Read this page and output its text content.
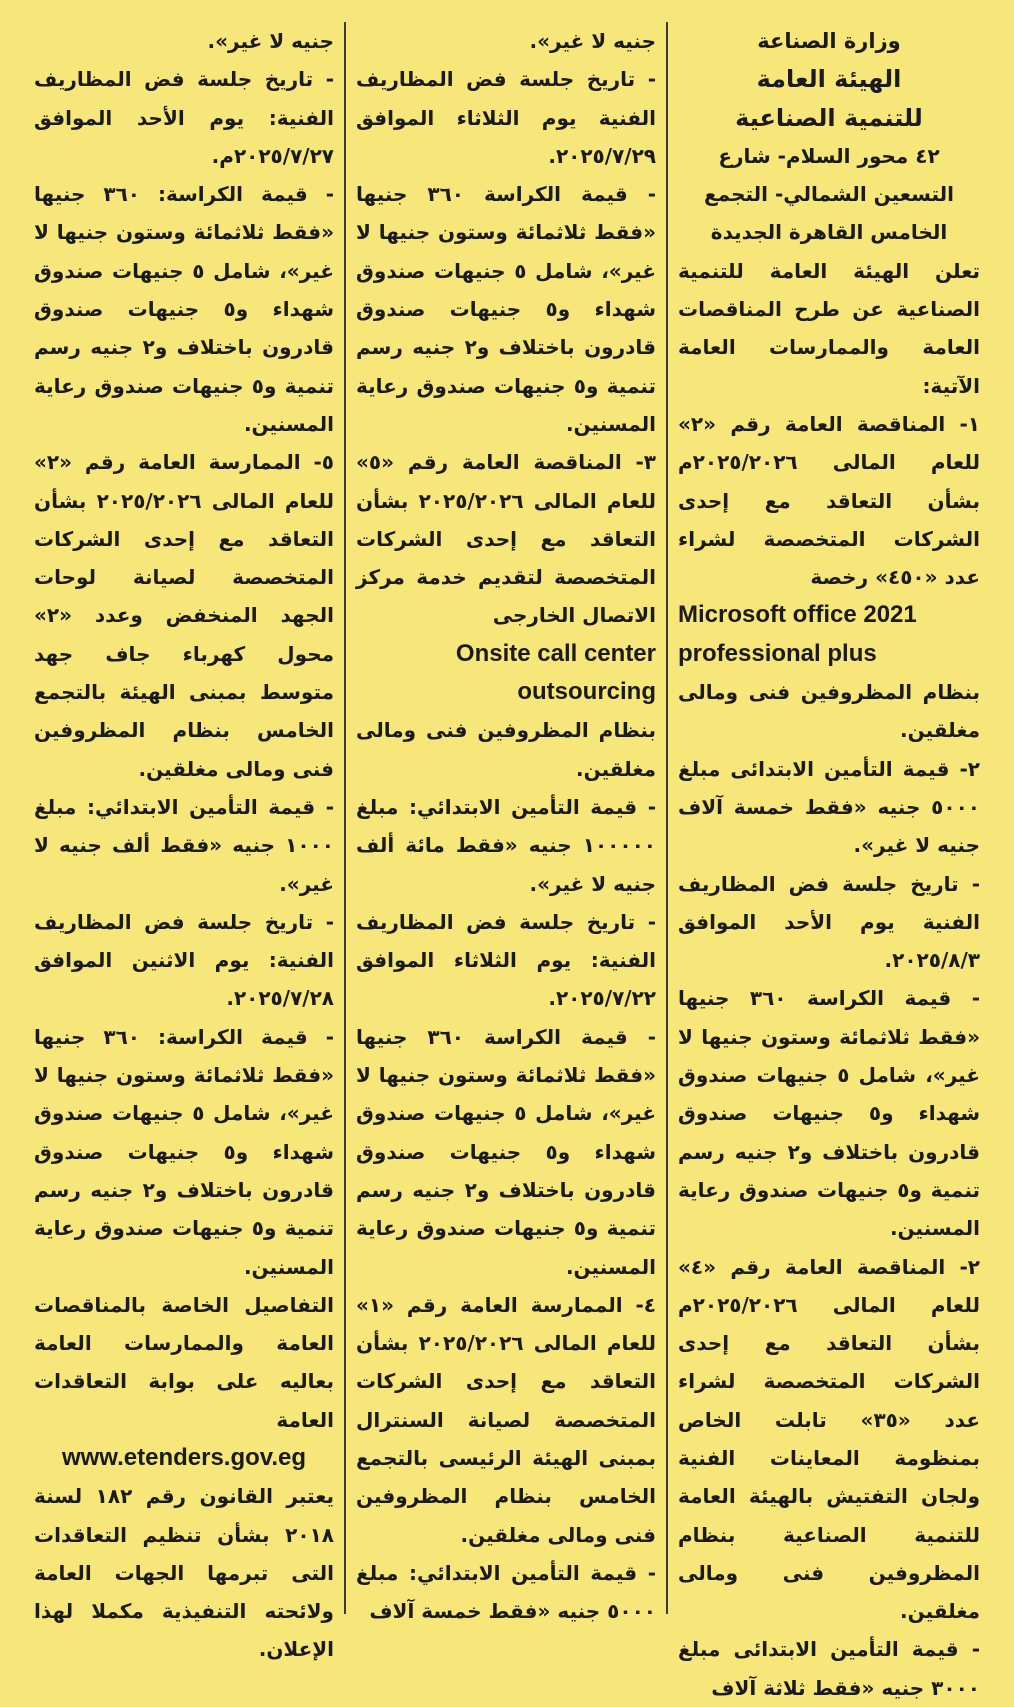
وزارة الصناعة

الهيئة العامة

للتنمية الصناعية

٤٢ محور السلام- شارع التسعين الشمالي- التجمع الخامس القاهرة الجديدة

تعلن الهيئة العامة للتنمية الصناعية عن طرح المناقصات العامة والممارسات العامة الآتية:

١- المناقصة العامة رقم «٢» للعام المالى ٢٠٢٥/٢٠٢٦م بشأن التعاقد مع إحدى الشركات المتخصصة لشراء عدد «٤٥٠» رخصة

Microsoft office 2021 professional plus

بنظام المظروفين فنى ومالى مغلقين.

٢- قيمة التأمين الابتدائى مبلغ ٥٠٠٠ جنيه «فقط خمسة آلاف جنيه لا غير».

- تاريخ جلسة فض المظاريف الفنية يوم الأحد الموافق ٢٠٢٥/٨/٣.

- قيمة الكراسة ٣٦٠ جنيها «فقط ثلاثمائة وستون جنيها لا غير»، شامل ٥ جنيهات صندوق شهداء و٥ جنيهات صندوق قادرون باختلاف و٢ جنيه رسم تنمية و٥ جنيهات صندوق رعاية المسنين.

٢- المناقصة العامة رقم «٤» للعام المالى ٢٠٢٥/٢٠٢٦م بشأن التعاقد مع إحدى الشركات المتخصصة لشراء عدد «٣٥» تابلت الخاص بمنظومة المعاينات الفنية ولجان التفتيش بالهيئة العامة للتنمية الصناعية بنظام المظروفين فنى ومالى مغلقين.

- قيمة التأمين الابتدائى مبلغ ٣٠٠٠ جنيه «فقط ثلاثة آلاف

جنيه لا غير».

- تاريخ جلسة فض المظاريف الفنية يوم الثلاثاء الموافق ٢٠٢٥/٧/٢٩.

- قيمة الكراسة ٣٦٠ جنيها «فقط ثلاثمائة وستون جنيها لا غير»، شامل ٥ جنيهات صندوق شهداء و٥ جنيهات صندوق قادرون باختلاف و٢ جنيه رسم تنمية و٥ جنيهات صندوق رعاية المسنين.

٣- المناقصة العامة رقم «٥» للعام المالى ٢٠٢٥/٢٠٢٦ بشأن التعاقد مع إحدى الشركات المتخصصة لتقديم خدمة مركز الاتصال الخارجى

Onsite call center outsourcing

بنظام المظروفين فنى ومالى مغلقين.

- قيمة التأمين الابتدائي: مبلغ ١٠٠٠٠٠ جنيه «فقط مائة ألف جنيه لا غير».

- تاريخ جلسة فض المظاريف الفنية: يوم الثلاثاء الموافق ٢٠٢٥/٧/٢٢.

- قيمة الكراسة ٣٦٠ جنيها «فقط ثلاثمائة وستون جنيها لا غير»، شامل ٥ جنيهات صندوق شهداء و٥ جنيهات صندوق قادرون باختلاف و٢ جنيه رسم تنمية و٥ جنيهات صندوق رعاية المسنين.

٤- الممارسة العامة رقم «١» للعام المالى ٢٠٢٥/٢٠٢٦ بشأن التعاقد مع إحدى الشركات المتخصصة لصيانة السنترال بمبنى الهيئة الرئيسى بالتجمع الخامس بنظام المظروفين فنى ومالى مغلقين.

- قيمة التأمين الابتدائي: مبلغ ٥٠٠٠ جنيه «فقط خمسة آلاف

جنيه لا غير».

- تاريخ جلسة فض المظاريف الفنية: يوم الأحد الموافق ٢٠٢٥/٧/٢٧م.

- قيمة الكراسة: ٣٦٠ جنيها «فقط ثلاثمائة وستون جنيها لا غير»، شامل ٥ جنيهات صندوق شهداء و٥ جنيهات صندوق قادرون باختلاف و٢ جنيه رسم تنمية و٥ جنيهات صندوق رعاية المسنين.

٥- الممارسة العامة رقم «٢» للعام المالى ٢٠٢٥/٢٠٢٦ بشأن التعاقد مع إحدى الشركات المتخصصة لصيانة لوحات الجهد المنخفض وعدد «٢» محول كهرباء جاف جهد متوسط بمبنى الهيئة بالتجمع الخامس بنظام المظروفين فنى ومالى مغلقين.

- قيمة التأمين الابتدائي: مبلغ ١٠٠٠ جنيه «فقط ألف جنيه لا غير».

- تاريخ جلسة فض المظاريف الفنية: يوم الاثنين الموافق ٢٠٢٥/٧/٢٨.

- قيمة الكراسة: ٣٦٠ جنيها «فقط ثلاثمائة وستون جنيها لا غير»، شامل ٥ جنيهات صندوق شهداء و٥ جنيهات صندوق قادرون باختلاف و٢ جنيه رسم تنمية و٥ جنيهات صندوق رعاية المسنين.

التفاصيل الخاصة بالمناقصات العامة والممارسات العامة بعاليه على بوابة التعاقدات العامة

www.etenders.gov.eg

يعتبر القانون رقم ١٨٢ لسنة ٢٠١٨ بشأن تنظيم التعاقدات التى تبرمها الجهات العامة ولائحته التنفيذية مكملا لهذا الإعلان.
